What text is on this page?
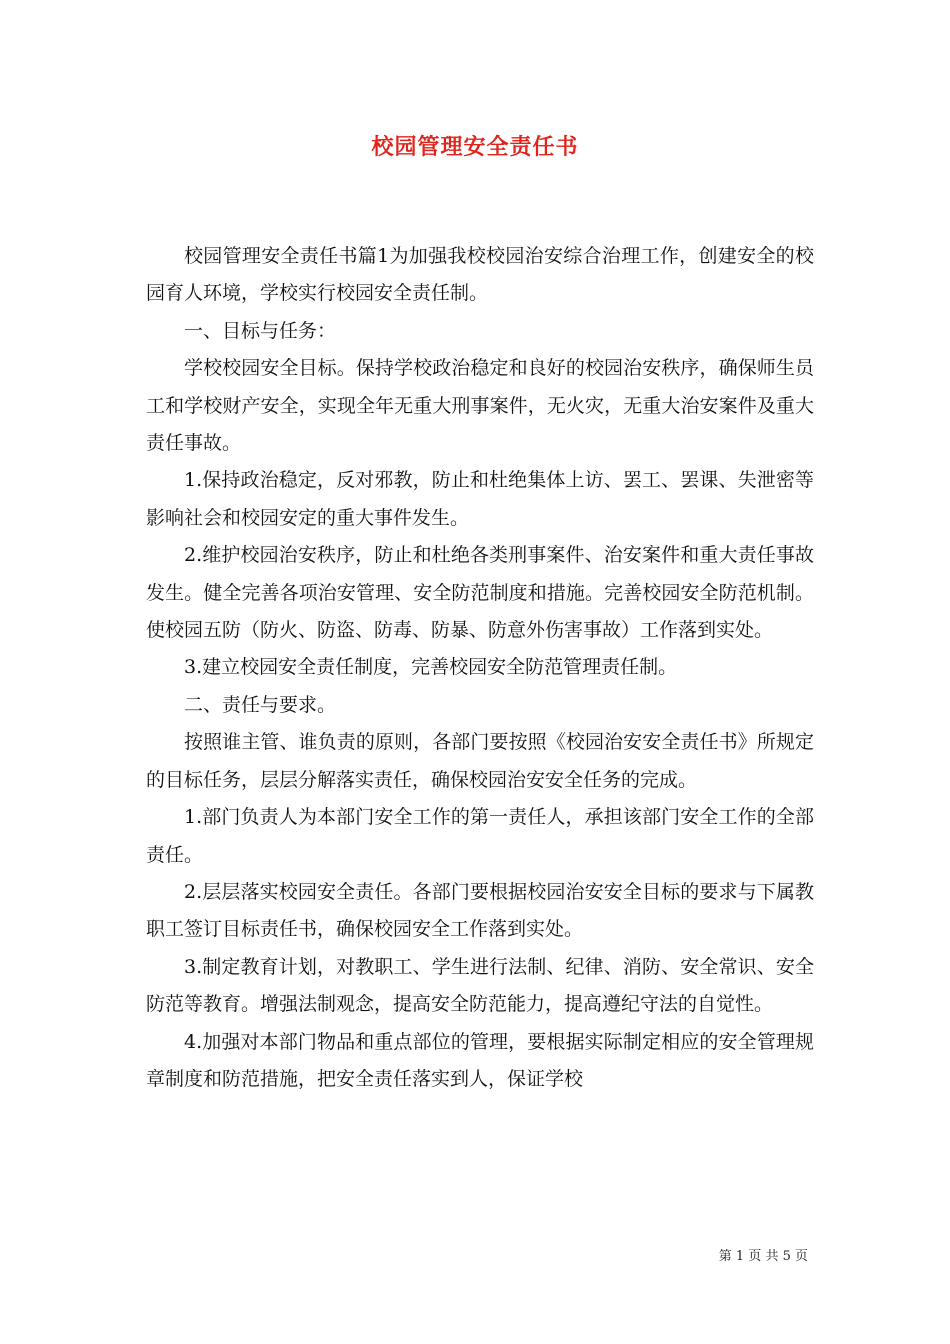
校园管理安全责任书

校园管理安全责任书篇1为加强我校校园治安综合治理工作，创建安全的校园育人环境，学校实行校园安全责任制。

一、目标与任务：

学校校园安全目标。保持学校政治稳定和良好的校园治安秩序，确保师生员工和学校财产安全，实现全年无重大刑事案件，无火灾，无重大治安案件及重大责任事故。

1.保持政治稳定，反对邪教，防止和杜绝集体上访、罢工、罢课、失泄密等影响社会和校园安定的重大事件发生。

2.维护校园治安秩序，防止和杜绝各类刑事案件、治安案件和重大责任事故发生。健全完善各项治安管理、安全防范制度和措施。完善校园安全防范机制。使校园五防（防火、防盗、防毒、防暴、防意外伤害事故）工作落到实处。

3.建立校园安全责任制度，完善校园安全防范管理责任制。

二、责任与要求。

按照谁主管、谁负责的原则，各部门要按照《校园治安安全责任书》所规定的目标任务，层层分解落实责任，确保校园治安安全任务的完成。

1.部门负责人为本部门安全工作的第一责任人，承担该部门安全工作的全部责任。

2.层层落实校园安全责任。各部门要根据校园治安安全目标的要求与下属教职工签订目标责任书，确保校园安全工作落到实处。

3.制定教育计划，对教职工、学生进行法制、纪律、消防、安全常识、安全防范等教育。增强法制观念，提高安全防范能力，提高遵纪守法的自觉性。

4.加强对本部门物品和重点部位的管理，要根据实际制定相应的安全管理规章制度和防范措施，把安全责任落实到人，保证学校

第 1 页 共 5 页
